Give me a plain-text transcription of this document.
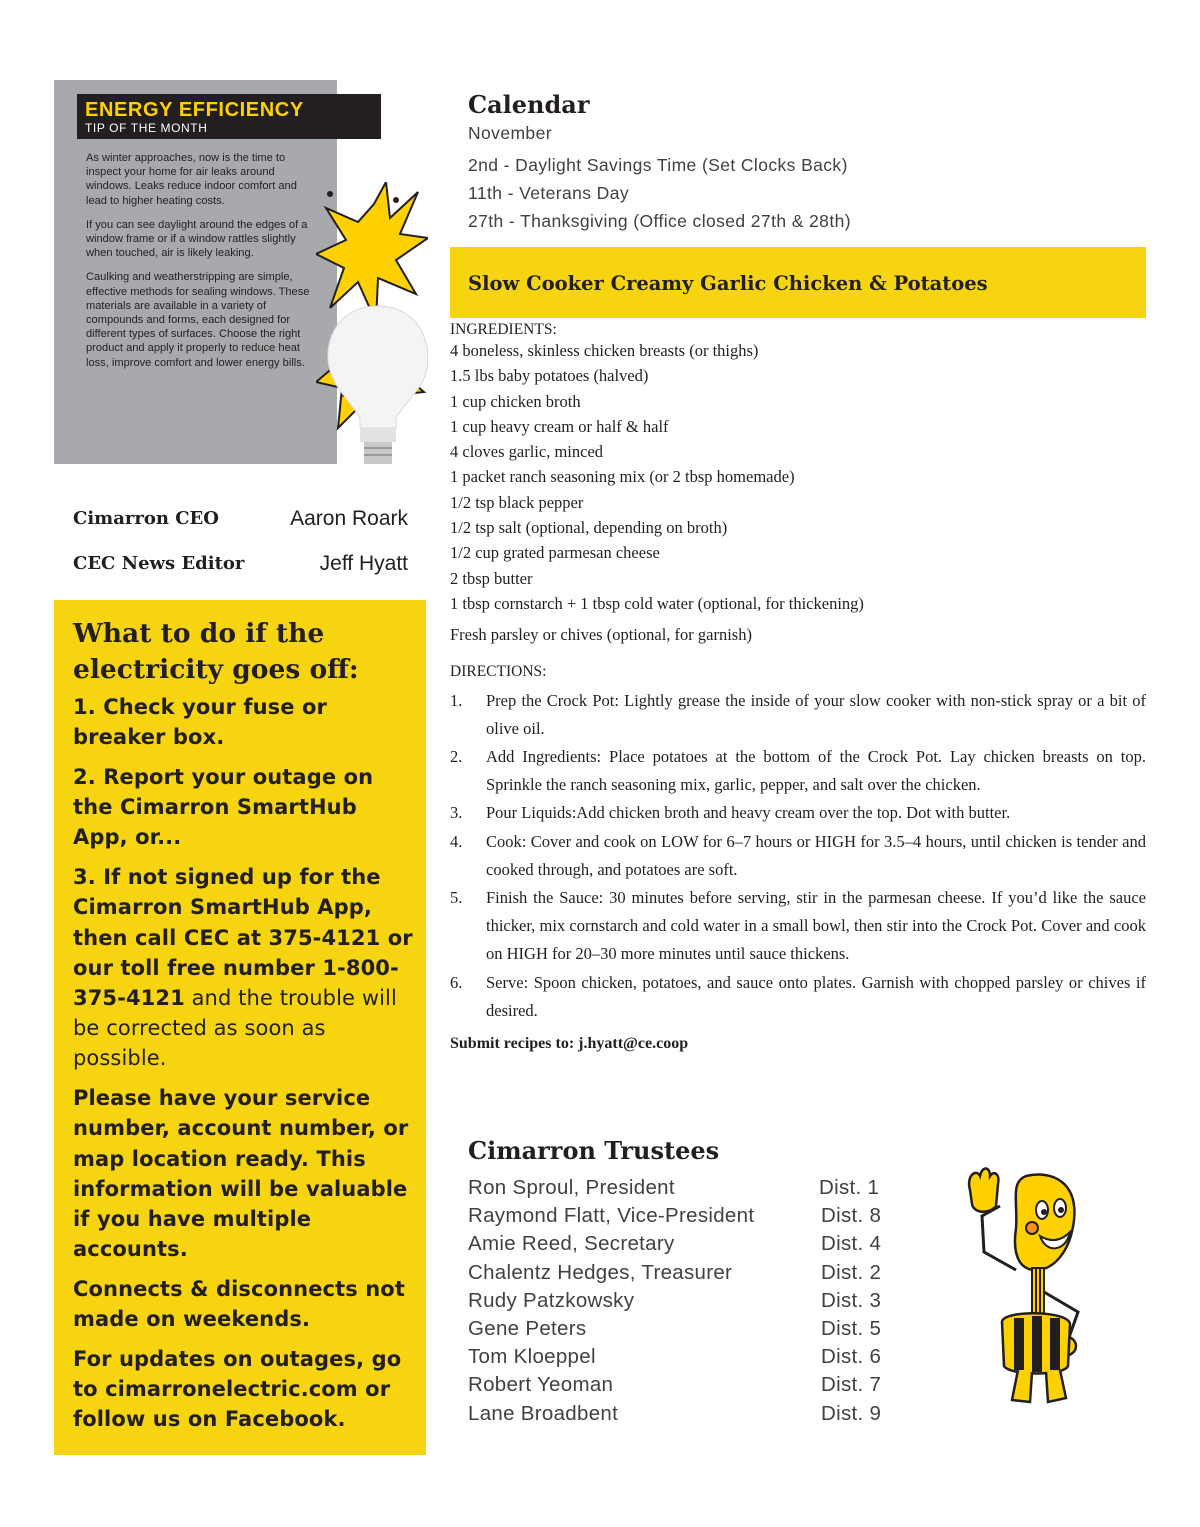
ENERGY EFFICIENCY
TIP OF THE MONTH

As winter approaches, now is the time to inspect your home for air leaks around windows. Leaks reduce indoor comfort and lead to higher heating costs.

If you can see daylight around the edges of a window frame or if a window rattles slightly when touched, air is likely leaking.

Caulking and weatherstripping are simple, effective methods for sealing windows. These materials are available in a variety of compounds and forms, each designed for different types of surfaces. Choose the right product and apply it properly to reduce heat loss, improve comfort and lower energy bills.

Cimarron CEO	Aaron Roark
CEC News Editor	Jeff Hyatt
What to do if the electricity goes off:
1. Check your fuse or breaker box.
2. Report your outage on the Cimarron SmartHub App, or...
3. If not signed up for the Cimarron SmartHub App, then call CEC at 375-4121 or our toll free number 1-800-375-4121 and the trouble will be corrected as soon as possible.
Please have your service number, account number, or map location ready. This information will be valuable if you have multiple accounts.
Connects & disconnects not made on weekends.
For updates on outages, go to cimarronelectric.com or follow us on Facebook.
Calendar
November
2nd - Daylight Savings Time (Set Clocks Back)
11th - Veterans Day
27th - Thanksgiving (Office closed 27th & 28th)
Slow Cooker Creamy Garlic Chicken & Potatoes
INGREDIENTS:
4 boneless, skinless chicken breasts (or thighs)
1.5 lbs baby potatoes (halved)
1 cup chicken broth
1 cup heavy cream or half & half
4 cloves garlic, minced
1 packet ranch seasoning mix (or 2 tbsp homemade)
1/2 tsp black pepper
1/2 tsp salt (optional, depending on broth)
1/2 cup grated parmesan cheese
2 tbsp butter
1 tbsp cornstarch + 1 tbsp cold water (optional, for thickening)
Fresh parsley or chives (optional, for garnish)
DIRECTIONS:
1.	Prep the Crock Pot: Lightly grease the inside of your slow cooker with non-stick spray or a bit of olive oil.
2.	Add Ingredients: Place potatoes at the bottom of the Crock Pot. Lay chicken breasts on top. Sprinkle the ranch seasoning mix, garlic, pepper, and salt over the chicken.
3.	Pour Liquids:Add chicken broth and heavy cream over the top. Dot with butter.
4.	Cook: Cover and cook on LOW for 6–7 hours or HIGH for 3.5–4 hours, until chicken is tender and cooked through, and potatoes are soft.
5.	Finish the Sauce: 30 minutes before serving, stir in the parmesan cheese. If you’d like the sauce thicker, mix cornstarch and cold water in a small bowl, then stir into the Crock Pot. Cover and cook on HIGH for 20–30 more minutes until sauce thickens.
6.	Serve: Spoon chicken, potatoes, and sauce onto plates. Garnish with chopped parsley or chives if desired.
Submit recipes to: j.hyatt@ce.coop
Cimarron Trustees
Ron Sproul, President	Dist. 1
Raymond Flatt, Vice-President	Dist. 8
Amie Reed, Secretary	Dist. 4
Chalentz Hedges, Treasurer	Dist. 2
Rudy Patzkowsky	Dist. 3
Gene Peters	Dist. 5
Tom Kloeppel	Dist. 6
Robert Yeoman	Dist. 7
Lane Broadbent	Dist. 9
